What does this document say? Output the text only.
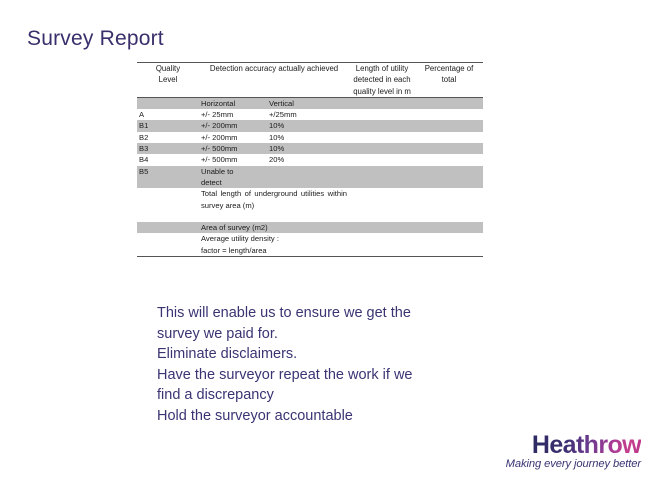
Survey Report
Quality
Level	Detection accuracy actually achieved		Length of utility detected in each quality level in m	Percentage of total
	Horizontal	Vertical		
A	+/- 25mm	+/25mm		
B1	+/- 200mm	10%		
B2	+/- 200mm	10%		
B3	+/- 500mm	10%		
B4	+/- 500mm	20%		
B5	Unable to			
	detect			
	Total length of underground utilities within survey area (m)			

	Area of survey (m2)			
	Average utility density :			
	factor = length/area			
This will enable us to ensure we get the
survey we paid for.
Eliminate disclaimers.
Have the surveyor repeat the work if we
find a discrepancy
Hold the surveyor accountable
Heathrow
Making every journey better
